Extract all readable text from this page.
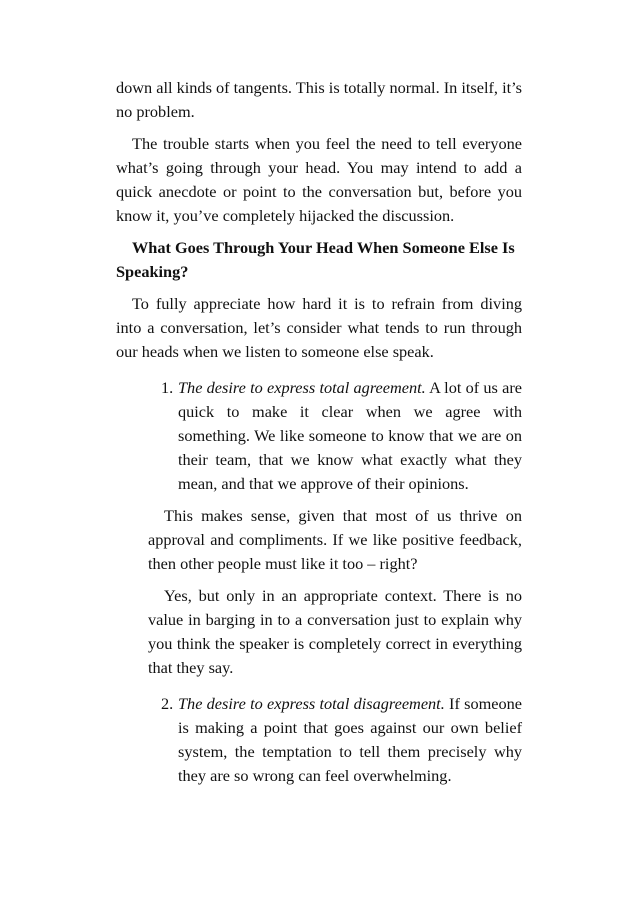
down all kinds of tangents. This is totally normal. In itself, it’s no problem.

The trouble starts when you feel the need to tell everyone what’s going through your head. You may intend to add a quick anecdote or point to the conversation but, before you know it, you’ve completely hijacked the discussion.

What Goes Through Your Head When Someone Else Is Speaking?

To fully appreciate how hard it is to refrain from diving into a conversation, let’s consider what tends to run through our heads when we listen to someone else speak.

1. The desire to express total agreement. A lot of us are quick to make it clear when we agree with something. We like someone to know that we are on their team, that we know what exactly what they mean, and that we approve of their opinions.

This makes sense, given that most of us thrive on approval and compliments. If we like positive feedback, then other people must like it too – right?

Yes, but only in an appropriate context. There is no value in barging in to a conversation just to explain why you think the speaker is completely correct in everything that they say.

2. The desire to express total disagreement. If someone is making a point that goes against our own belief system, the temptation to tell them precisely why they are so wrong can feel overwhelming.
